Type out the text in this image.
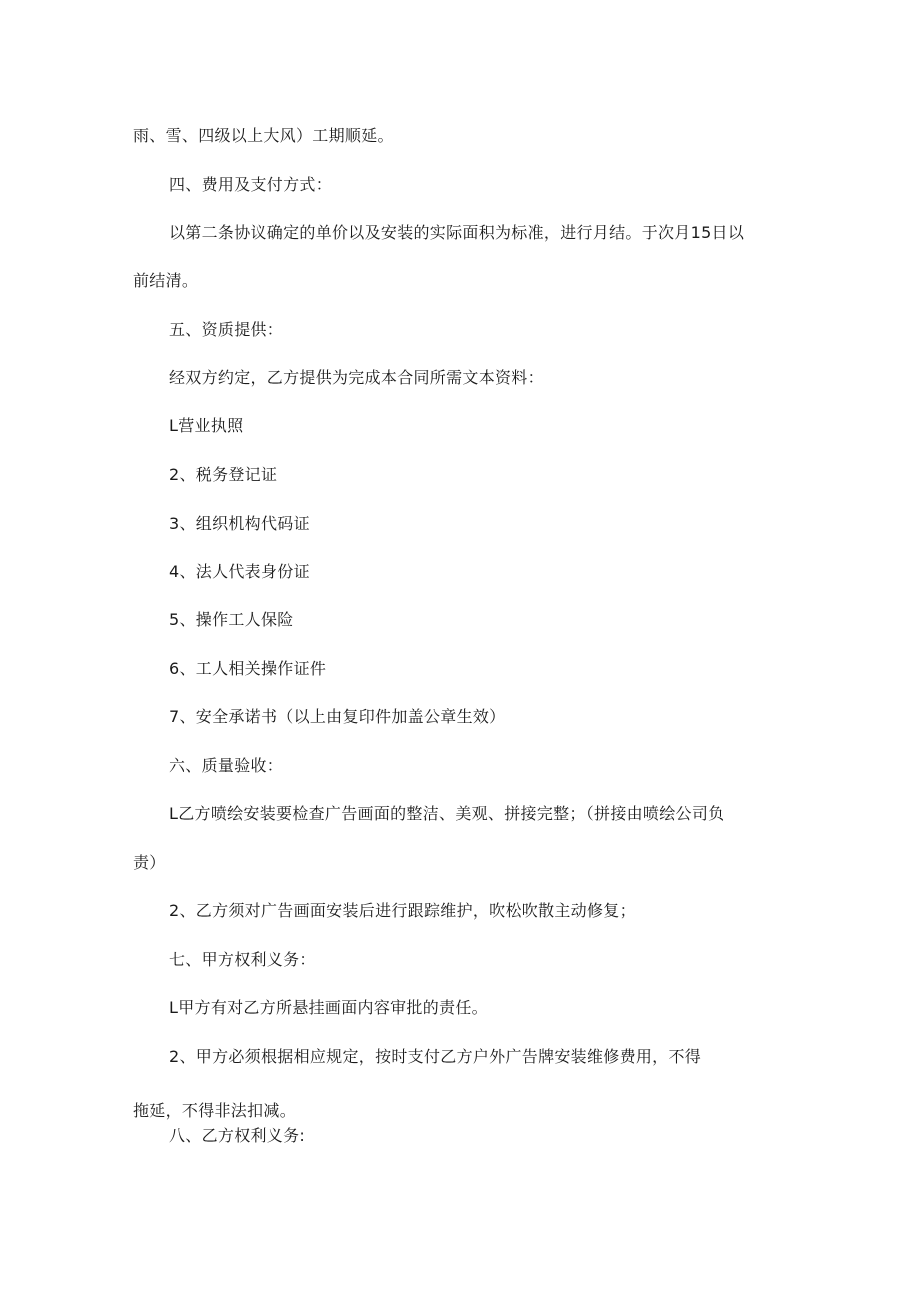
雨、雪、四级以上大风）工期顺延。
四、费用及支付方式：
以第二条协议确定的单价以及安装的实际面积为标准，进行月结。于次月15日以
前结清。
五、资质提供：
经双方约定，乙方提供为完成本合同所需文本资料：
L营业执照
2、税务登记证
3、组织机构代码证
4、法人代表身份证
5、操作工人保险
6、工人相关操作证件
7、安全承诺书（以上由复印件加盖公章生效）
六、质量验收：
L乙方喷绘安装要检查广告画面的整洁、美观、拼接完整；（拼接由喷绘公司负
责）
2、乙方须对广告画面安装后进行跟踪维护，吹松吹散主动修复；
七、甲方权利义务：
L甲方有对乙方所悬挂画面内容审批的责任。
2、甲方必须根据相应规定，按时支付乙方户外广告牌安装维修费用，不得
拖延，不得非法扣减。
八、乙方权利义务:
